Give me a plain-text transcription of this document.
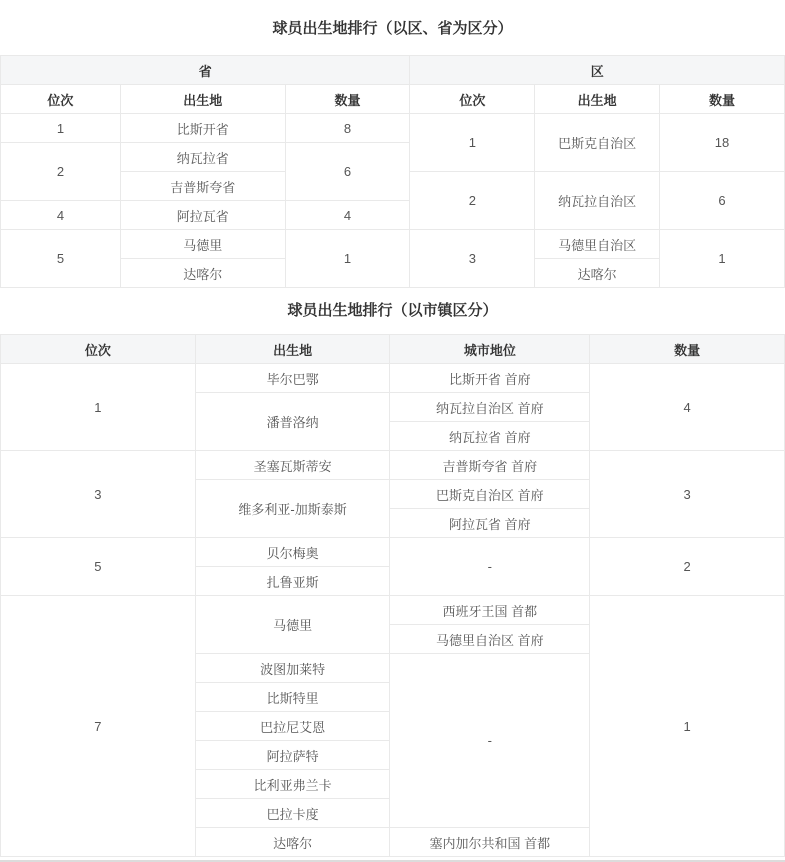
球员出生地排行（以区、省为区分）
省			区		
位次	出生地	数量	位次	出生地	数量
1	比斯开省	8	1	巴斯克自治区	18
2	纳瓦拉省	6			
	吉普斯夸省		2	纳瓦拉自治区	6
4	阿拉瓦省	4			
5	马德里	1	3	马德里自治区	1
	达喀尔			达喀尔	
球员出生地排行（以市镇区分）
位次	出生地	城市地位	数量
1	毕尔巴鄂	比斯开省 首府	4
	潘普洛纳	纳瓦拉自治区 首府	
		纳瓦拉省 首府	
3	圣塞瓦斯蒂安	吉普斯夸省 首府	3
	维多利亚-加斯泰斯	巴斯克自治区 首府	
		阿拉瓦省 首府	
5	贝尔梅奥	-	2
	扎鲁亚斯		
7	马德里	西班牙王国 首都	1
		马德里自治区 首府	
	波图加莱特	-	
	比斯特里		
	巴拉尼艾恩		
	阿拉萨特		
	比利亚弗兰卡		
	巴拉卡度		
	达喀尔	塞内加尔共和国 首都	
